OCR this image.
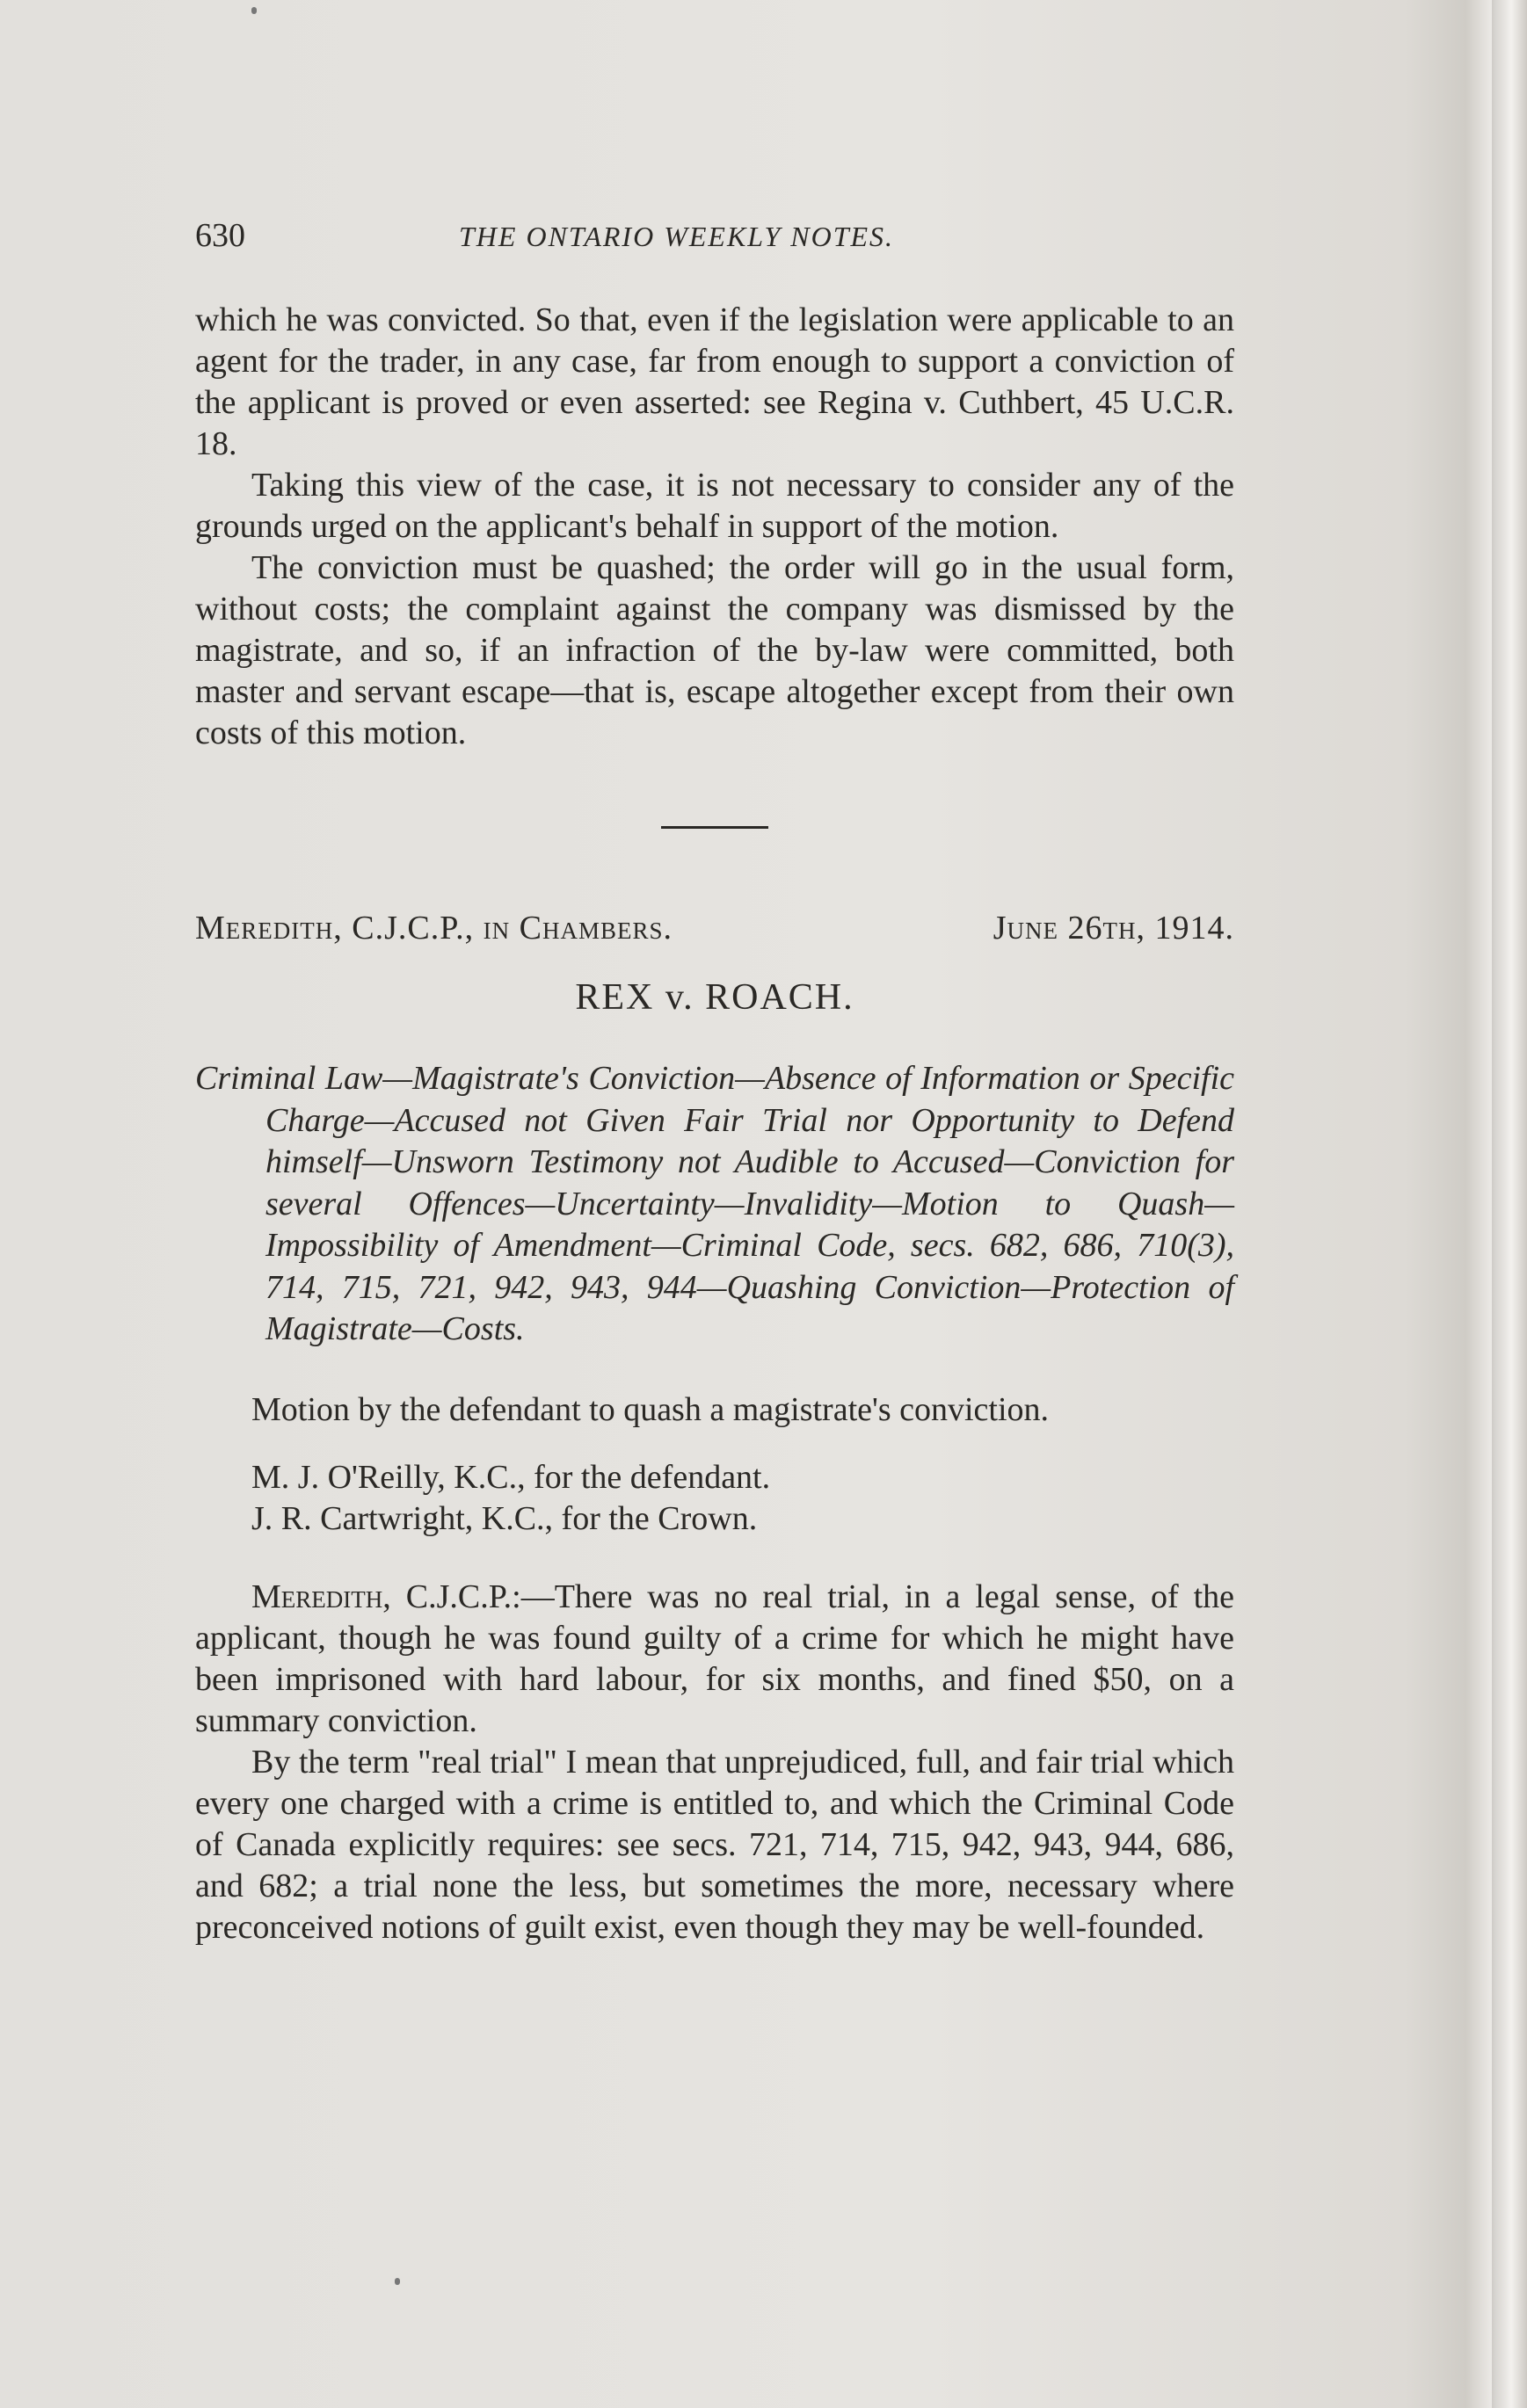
630	THE ONTARIO WEEKLY NOTES.

which he was convicted. So that, even if the legislation were applicable to an agent for the trader, in any case, far from enough to support a conviction of the applicant is proved or even asserted: see Regina v. Cuthbert, 45 U.C.R. 18.

Taking this view of the case, it is not necessary to consider any of the grounds urged on the applicant's behalf in support of the motion.

The conviction must be quashed; the order will go in the usual form, without costs; the complaint against the company was dismissed by the magistrate, and so, if an infraction of the by-law were committed, both master and servant escape—that is, escape altogether except from their own costs of this motion.

Meredith, C.J.C.P., in Chambers.	June 26th, 1914.
REX v. ROACH.

Criminal Law—Magistrate's Conviction—Absence of Information or Specific Charge—Accused not Given Fair Trial nor Opportunity to Defend himself—Unsworn Testimony not Audible to Accused—Conviction for several Offences—Uncertainty—Invalidity—Motion to Quash—Impossibility of Amendment—Criminal Code, secs. 682, 686, 710(3), 714, 715, 721, 942, 943, 944—Quashing Conviction—Protection of Magistrate—Costs.

Motion by the defendant to quash a magistrate's conviction.

M. J. O'Reilly, K.C., for the defendant.
J. R. Cartwright, K.C., for the Crown.

Meredith, C.J.C.P.:—There was no real trial, in a legal sense, of the applicant, though he was found guilty of a crime for which he might have been imprisoned with hard labour, for six months, and fined $50, on a summary conviction.

By the term "real trial" I mean that unprejudiced, full, and fair trial which every one charged with a crime is entitled to, and which the Criminal Code of Canada explicitly requires: see secs. 721, 714, 715, 942, 943, 944, 686, and 682; a trial none the less, but sometimes the more, necessary where preconceived notions of guilt exist, even though they may be well-founded.
